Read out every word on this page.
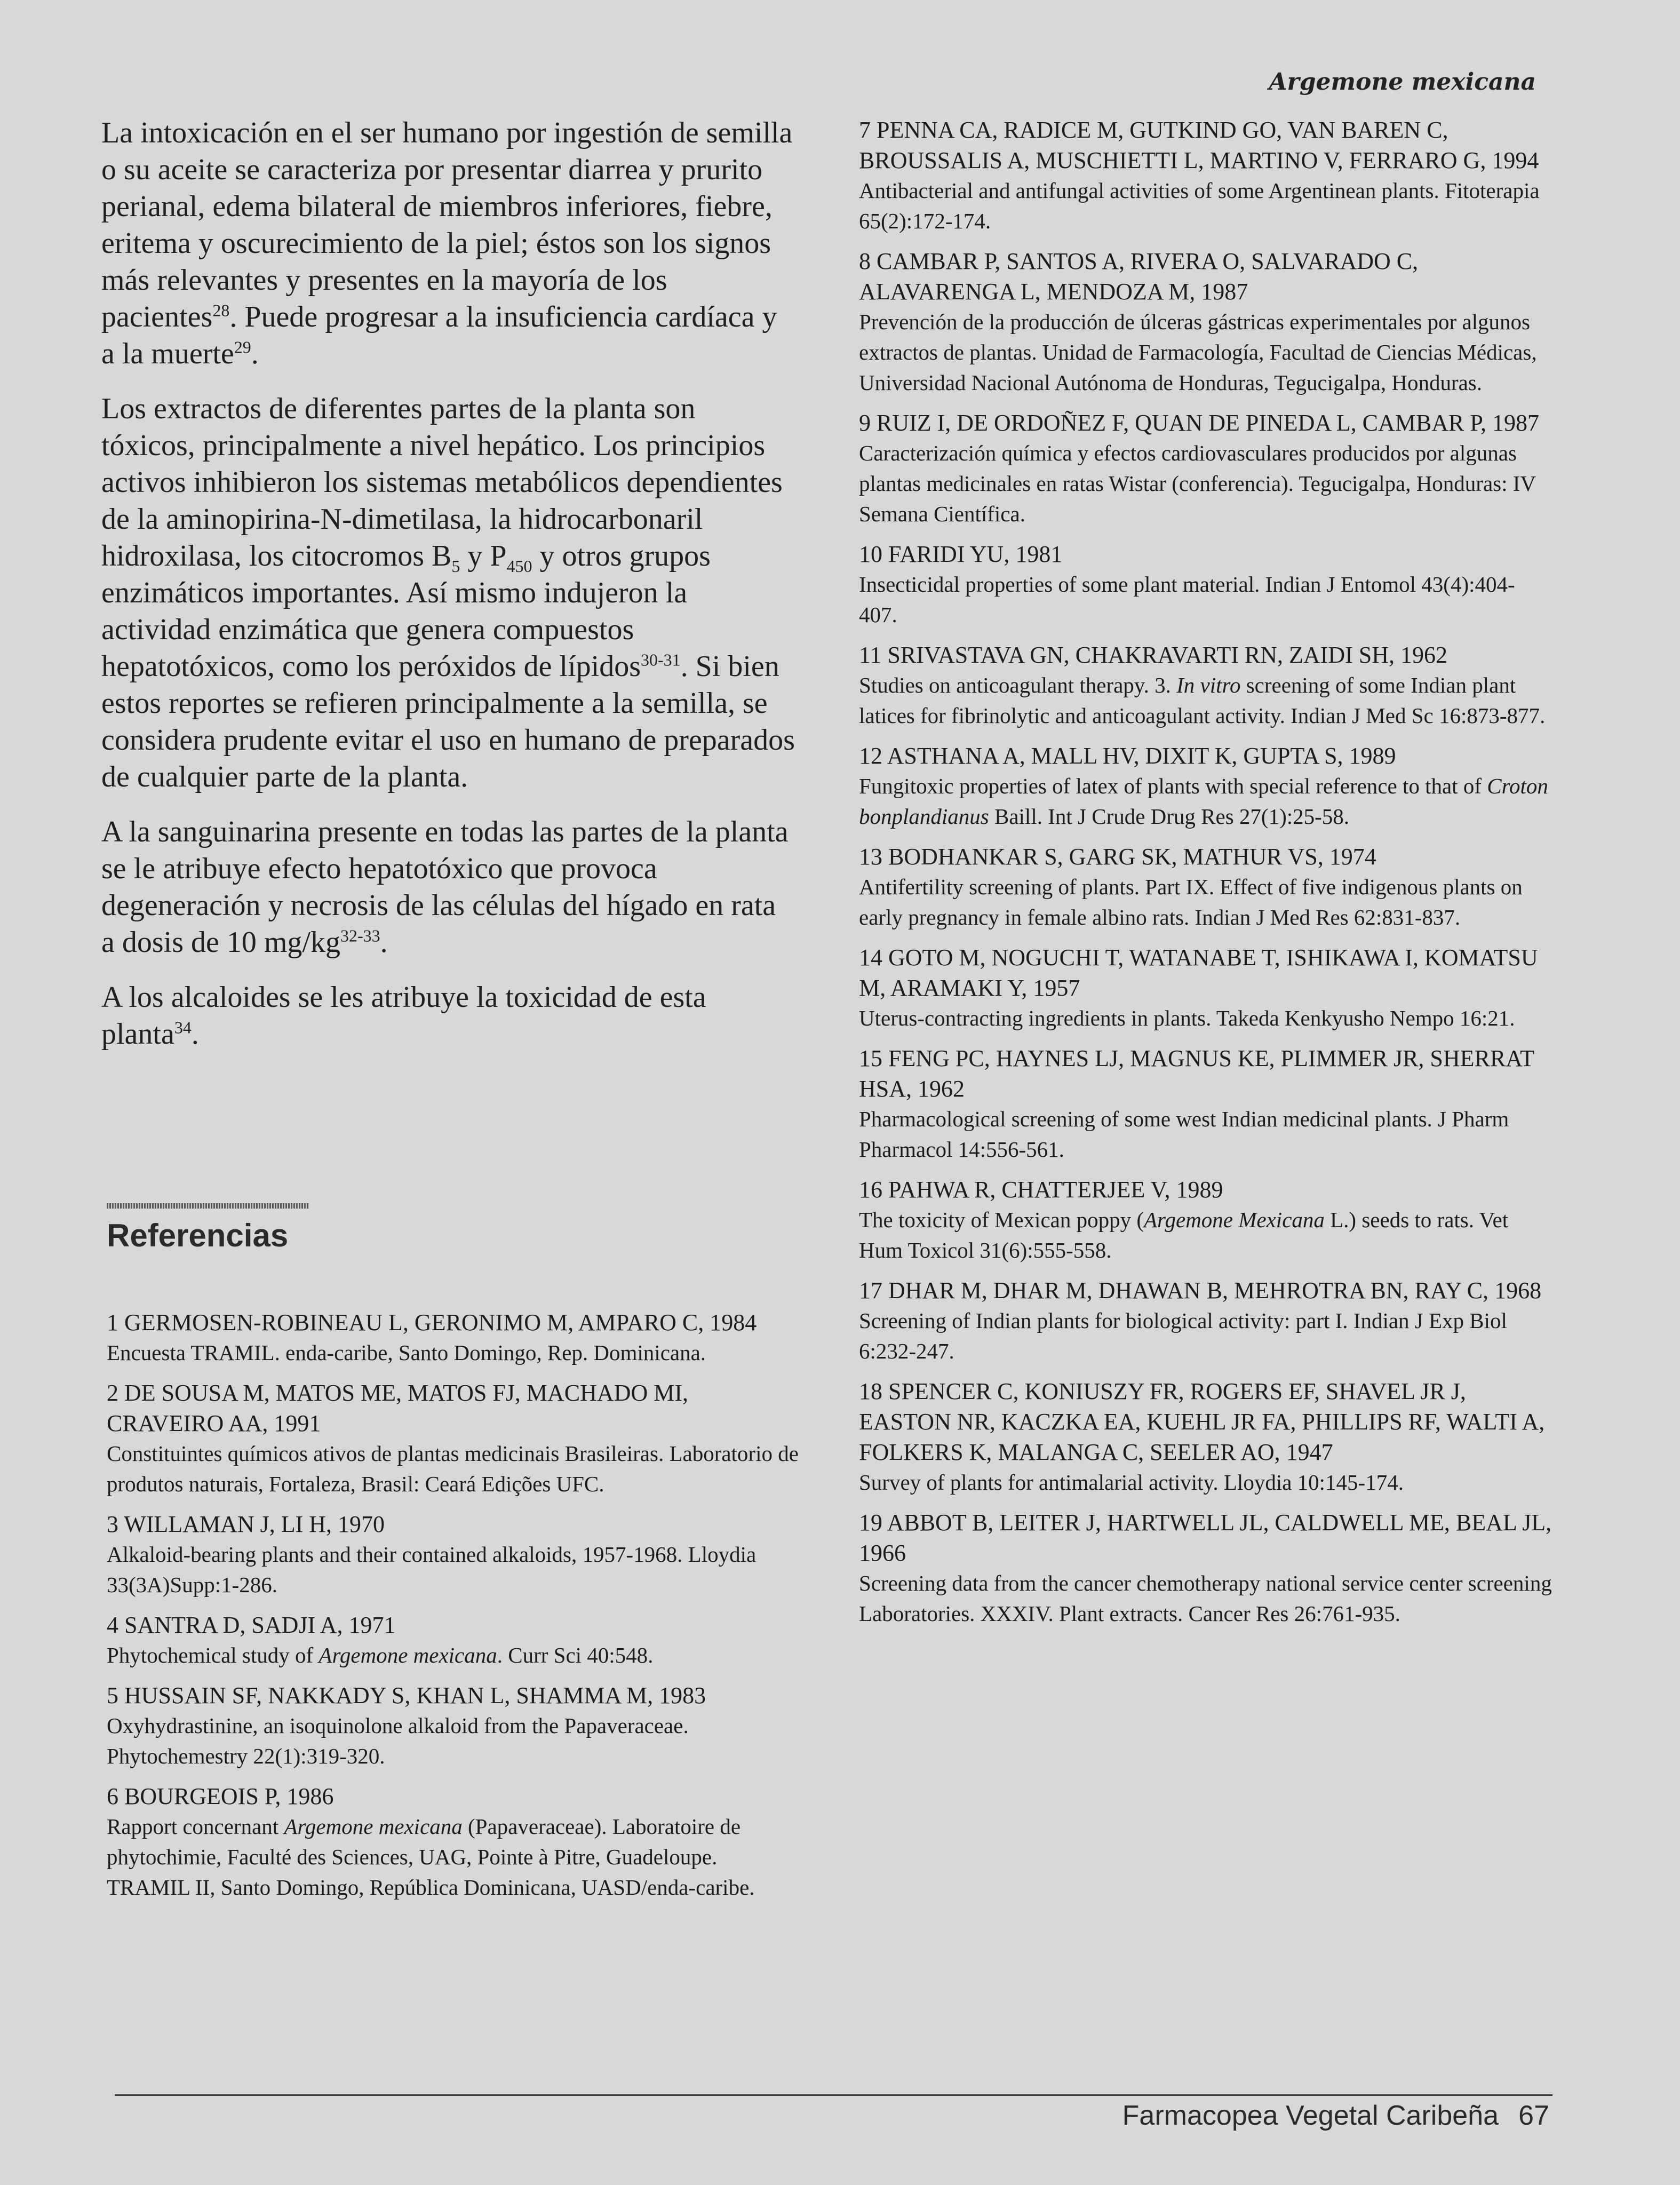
Argemone mexicana

La intoxicación en el ser humano por ingestión de semilla o su aceite se caracteriza por presentar diarrea y prurito perianal, edema bilateral de miembros inferiores, fiebre, eritema y oscurecimiento de la piel; éstos son los signos más relevantes y presentes en la mayoría de los pacientes$^{28}$. Puede progresar a la insuficiencia cardíaca y a la muerte$^{29}$.

Los extractos de diferentes partes de la planta son tóxicos, principalmente a nivel hepático. Los principios activos inhibieron los sistemas metabólicos dependientes de la aminopirina-N-dimetilasa, la hidrocarbonaril hidroxilasa, los citocromos $B_5$ y $P_{450}$ y otros grupos enzimáticos importantes. Así mismo indujeron la actividad enzimática que genera compuestos hepatotóxicos, como los peróxidos de lípidos$^{30-31}$. Si bien estos reportes se refieren principalmente a la semilla, se considera prudente evitar el uso en humano de preparados de cualquier parte de la planta.

A la sanguinarina presente en todas las partes de la planta se le atribuye efecto hepatotóxico que provoca degeneración y necrosis de las células del hígado en rata a dosis de 10 $mg/kg^{32-33}$.

A los alcaloides se les atribuye la toxicidad de esta planta$^{34}$.

Referencias
1 GERMOSEN-ROBINEAU L, GERONIMO M, AMPARO C, 1984
Encuesta TRAMIL. enda-caribe, Santo Domingo, Rep. Dominicana.
2 DE SOUSA M, MATOS ME, MATOS FJ, MACHADO MI, CRAVEIRO AA, 1991
Constituintes químicos ativos de plantas medicinais Brasileiras. Laboratorio de produtos naturais, Fortaleza, Brasil: Ceará Edições UFC.
3 WILLAMAN J, LI H, 1970
Alkaloid-bearing plants and their contained alkaloids, 1957-1968. Lloydia 33(3A)Supp:1-286.
4 SANTRA D, SADJI A, 1971
Phytochemical study of Argemone mexicana. Curr Sci 40:548.
5 HUSSAIN SF, NAKKADY S, KHAN L, SHAMMA M, 1983
Oxyhydrastinine, an isoquinolone alkaloid from the Papaveraceae. Phytochemestry 22(1):319-320.
6 BOURGEOIS P, 1986
Rapport concernant Argemone mexicana (Papaveraceae). Laboratoire de phytochimie, Faculté des Sciences, UAG, Pointe à Pitre, Guadeloupe. TRAMIL II, Santo Domingo, República Dominicana, UASD/enda-caribe.
7 PENNA CA, RADICE M, GUTKIND GO, VAN BAREN C, BROUSSALIS A, MUSCHIETTI L, MARTINO V, FERRARO G, 1994
Antibacterial and antifungal activities of some Argentinean plants. Fitoterapia 65(2):172-174.
8 CAMBAR P, SANTOS A, RIVERA O, SALVARADO C, ALAVARENGA L, MENDOZA M, 1987
Prevención de la producción de úlceras gástricas experimentales por algunos extractos de plantas. Unidad de Farmacología, Facultad de Ciencias Médicas, Universidad Nacional Autónoma de Honduras, Tegucigalpa, Honduras.
9 RUIZ I, DE ORDOÑEZ F, QUAN DE PINEDA L, CAMBAR P, 1987
Caracterización química y efectos cardiovasculares producidos por algunas plantas medicinales en ratas Wistar (conferencia). Tegucigalpa, Honduras: IV Semana Científica.
10 FARIDI YU, 1981
Insecticidal properties of some plant material. Indian J Entomol 43(4):404-407.
11 SRIVASTAVA GN, CHAKRAVARTI RN, ZAIDI SH, 1962
Studies on anticoagulant therapy. 3. In vitro screening of some Indian plant latices for fibrinolytic and anticoagulant activity. Indian J Med Sc 16:873-877.
12 ASTHANA A, MALL HV, DIXIT K, GUPTA S, 1989
Fungitoxic properties of latex of plants with special reference to that of Croton bonplandianus Baill. Int J Crude Drug Res 27(1):25-58.
13 BODHANKAR S, GARG SK, MATHUR VS, 1974
Antifertility screening of plants. Part IX. Effect of five indigenous plants on early pregnancy in female albino rats. Indian J Med Res 62:831-837.
14 GOTO M, NOGUCHI T, WATANABE T, ISHIKAWA I, KOMATSU M, ARAMAKI Y, 1957
Uterus-contracting ingredients in plants. Takeda Kenkyusho Nempo 16:21.
15 FENG PC, HAYNES LJ, MAGNUS KE, PLIMMER JR, SHERRAT HSA, 1962
Pharmacological screening of some west Indian medicinal plants. J Pharm Pharmacol 14:556-561.
16 PAHWA R, CHATTERJEE V, 1989
The toxicity of Mexican poppy (Argemone Mexicana L.) seeds to rats. Vet Hum Toxicol 31(6):555-558.
17 DHAR M, DHAR M, DHAWAN B, MEHROTRA BN, RAY C, 1968
Screening of Indian plants for biological activity: part I. Indian J Exp Biol 6:232-247.
18 SPENCER C, KONIUSZY FR, ROGERS EF, SHAVEL JR J, EASTON NR, KACZKA EA, KUEHL JR FA, PHILLIPS RF, WALTI A, FOLKERS K, MALANGA C, SEELER AO, 1947
Survey of plants for antimalarial activity. Lloydia 10:145-174.
19 ABBOT B, LEITER J, HARTWELL JL, CALDWELL ME, BEAL JL, 1966
Screening data from the cancer chemotherapy national service center screening Laboratories. XXXIV. Plant extracts. Cancer Res 26:761-935.
Farmacopea Vegetal Caribeña 67
